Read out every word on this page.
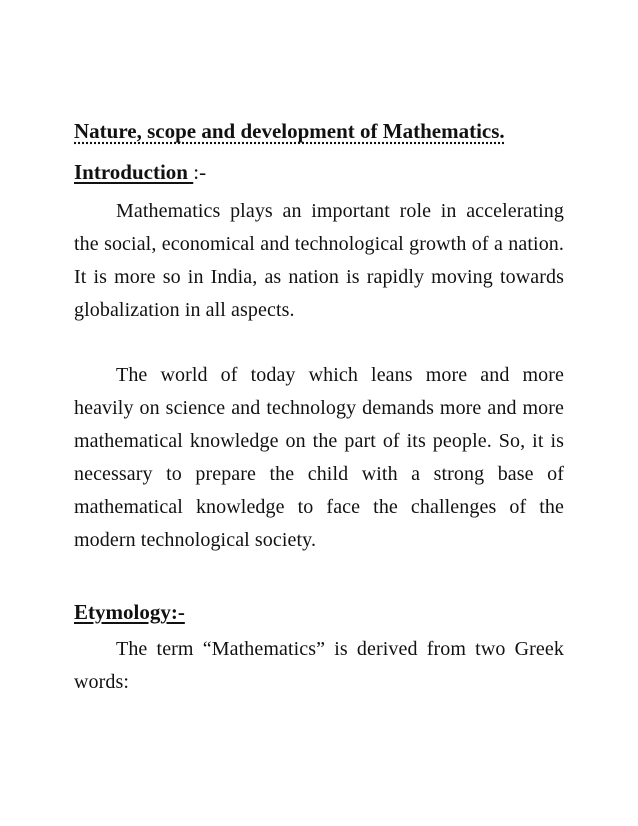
Nature, scope and development of Mathematics.
Introduction :-

Mathematics plays an important role in accelerating the social, economical and technological growth of a nation. It is more so in India, as nation is rapidly moving towards globalization in all aspects.

The world of today which leans more and more heavily on science and technology demands more and more mathematical knowledge on the part of its people. So, it is necessary to prepare the child with a strong base of mathematical knowledge to face the challenges of the modern technological society.

Etymology:-

The term “Mathematics” is derived from two Greek words:
